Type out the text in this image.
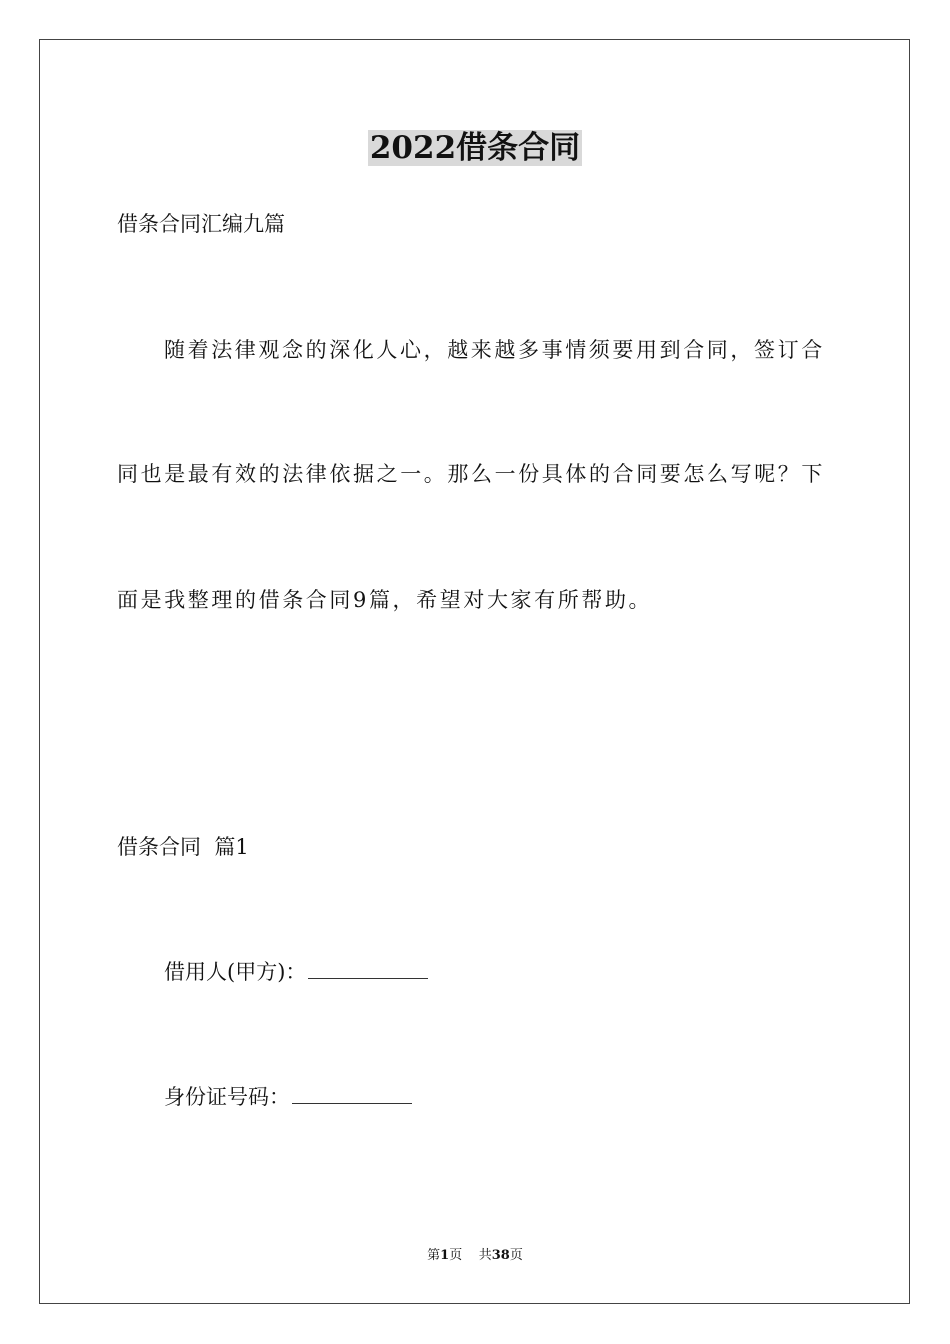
2022借条合同
借条合同汇编九篇
随着法律观念的深化人心，越来越多事情须要用到合同，签订合
同也是最有效的法律依据之一。那么一份具体的合同要怎么写呢？下
面是我整理的借条合同9篇，希望对大家有所帮助。
借条合同  篇1
借用人(甲方)：
身份证号码：
第1页    共38页
